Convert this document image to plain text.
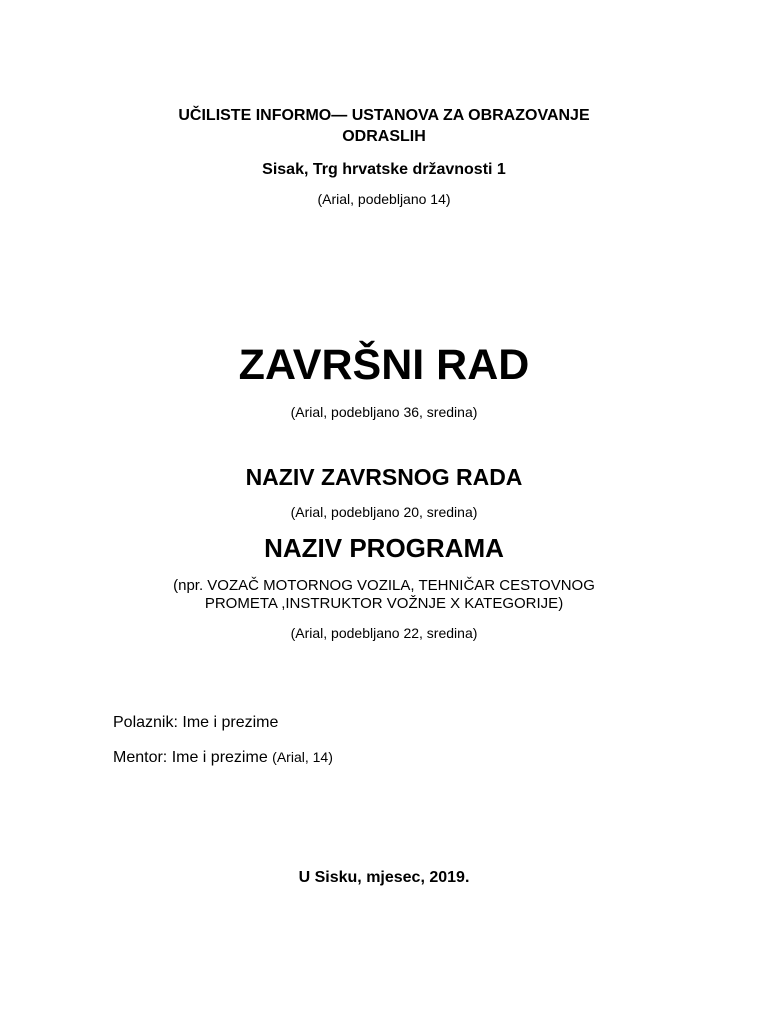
UČILISTE INFORMO— USTANOVA ZA OBRAZOVANJE
ODRASLIH
Sisak, Trg hrvatske državnosti 1
(Arial, podebljano 14)
ZAVRŠNI RAD
(Arial, podebljano 36, sredina)
NAZIV ZAVRSNOG RADA
(Arial, podebljano 20, sredina)
NAZIV PROGRAMA
(npr. VOZAČ MOTORNOG VOZILA, TEHNIČAR CESTOVNOG
PROMETA ,INSTRUKTOR VOŽNJE X KATEGORIJE)
(Arial, podebljano 22, sredina)
Polaznik: Ime i prezime
Mentor: Ime i prezime (Arial, 14)
U Sisku, mjesec, 2019.
